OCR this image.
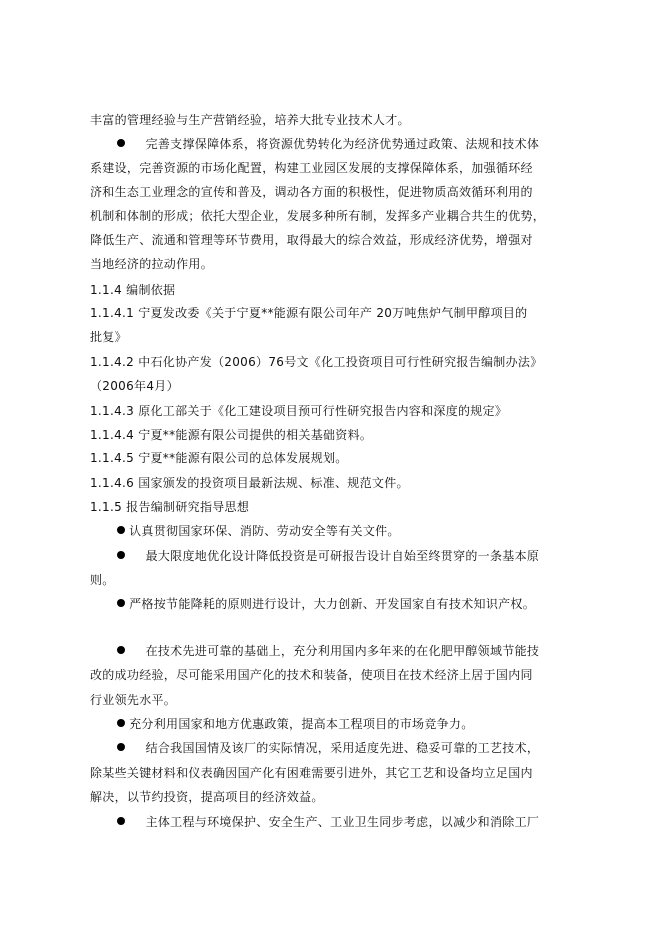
丰富的管理经验与生产营销经验，培养大批专业技术人才。
完善支撑保障体系，将资源优势转化为经济优势通过政策、法规和技术体
系建设，完善资源的市场化配置，构建工业园区发展的支撑保障体系，加强循环经
济和生态工业理念的宣传和普及，调动各方面的积极性，促进物质高效循环利用的
机制和体制的形成；依托大型企业，发展多种所有制，发挥多产业耦合共生的优势，
降低生产、流通和管理等环节费用，取得最大的综合效益，形成经济优势，增强对
当地经济的拉动作用。
1.1.4 编制依据
1.1.4.1 宁夏发改委《关于宁夏**能源有限公司年产 20万吨焦炉气制甲醇项目的
批复》
1.1.4.2 中石化协产发（2006）76号文《化工投资项目可行性研究报告编制办法》
（2006年4月）
1.1.4.3 原化工部关于《化工建设项目预可行性研究报告内容和深度的规定》
1.1.4.4 宁夏**能源有限公司提供的相关基础资料。
1.1.4.5 宁夏**能源有限公司的总体发展规划。
1.1.4.6 国家颁发的投资项目最新法规、标准、规范文件。
1.1.5 报告编制研究指导思想
认真贯彻国家环保、消防、劳动安全等有关文件。
最大限度地优化设计降低投资是可研报告设计自始至终贯穿的一条基本原
则。
严格按节能降耗的原则进行设计，大力创新、开发国家自有技术知识产权。
在技术先进可靠的基础上，充分利用国内多年来的在化肥甲醇领域节能技
改的成功经验，尽可能采用国产化的技术和装备，使项目在技术经济上居于国内同
行业领先水平。
充分利用国家和地方优惠政策，提高本工程项目的市场竞争力。
结合我国国情及该厂的实际情况，采用适度先进、稳妥可靠的工艺技术，
除某些关键材料和仪表确因国产化有困难需要引进外，其它工艺和设备均立足国内
解决，以节约投资，提高项目的经济效益。
主体工程与环境保护、安全生产、工业卫生同步考虑，以减少和消除工厂
